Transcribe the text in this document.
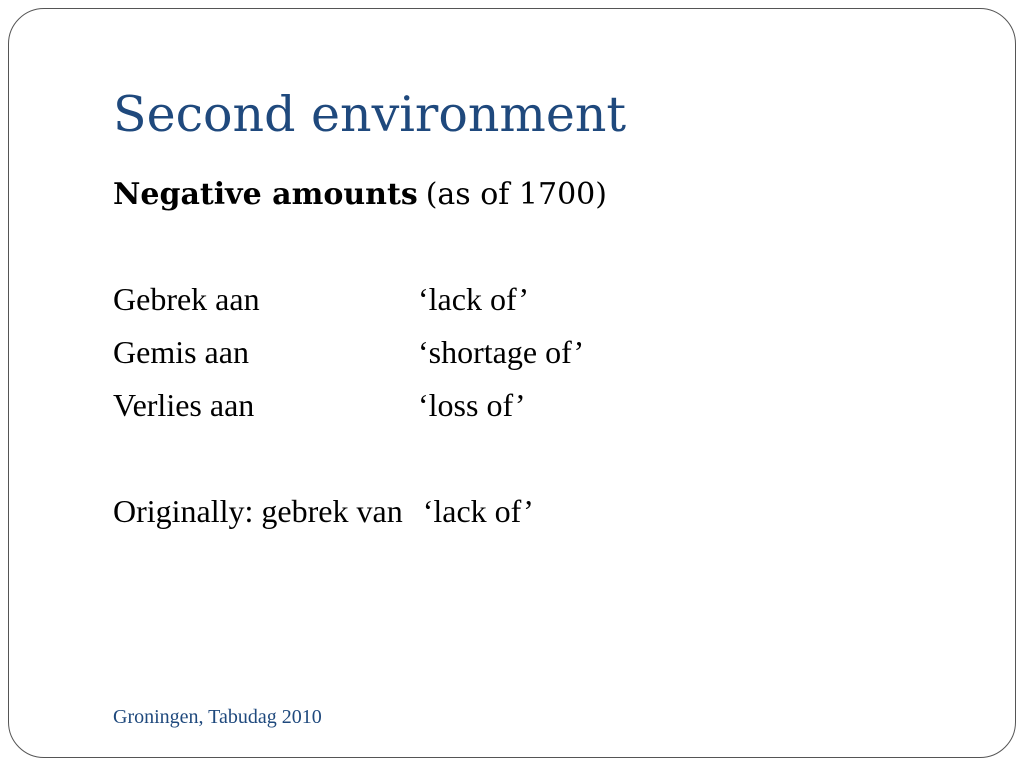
Second environment
Negative amounts (as of 1700)
Gebrek aan	‘lack of’
Gemis aan	‘shortage of’
Verlies aan	‘loss of’
Originally: gebrek van ‘lack of’
Groningen, Tabudag 2010
